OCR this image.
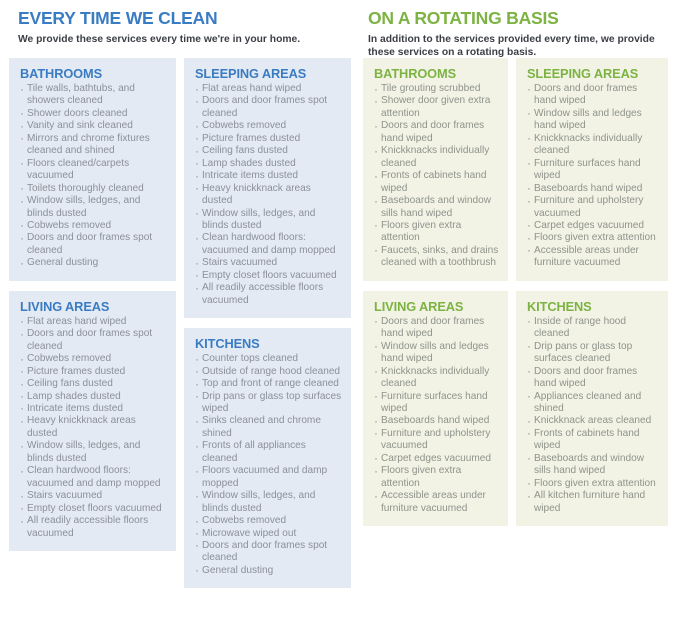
EVERY TIME WE CLEAN
We provide these services every time we're in your home.
BATHROOMS
· Tile walls, bathtubs, and showers cleaned
· Shower doors cleaned
· Vanity and sink cleaned
· Mirrors and chrome fixtures cleaned and shined
· Floors cleaned/carpets vacuumed
· Toilets thoroughly cleaned
· Window sills, ledges, and blinds dusted
· Cobwebs removed
· Doors and door frames spot cleaned
· General dusting
LIVING AREAS
· Flat areas hand wiped
· Doors and door frames spot cleaned
· Cobwebs removed
· Picture frames dusted
· Ceiling fans dusted
· Lamp shades dusted
· Intricate items dusted
· Heavy knickknack areas dusted
· Window sills, ledges, and blinds dusted
· Clean hardwood floors: vacuumed and damp mopped
· Stairs vacuumed
· Empty closet floors vacuumed
· All readily accessible floors vacuumed
SLEEPING AREAS
· Flat areas hand wiped
· Doors and door frames spot cleaned
· Cobwebs removed
· Picture frames dusted
· Ceiling fans dusted
· Lamp shades dusted
· Intricate items dusted
· Heavy knickknack areas dusted
· Window sills, ledges, and blinds dusted
· Clean hardwood floors: vacuumed and damp mopped
· Stairs vacuumed
· Empty closet floors vacuumed
· All readily accessible floors vacuumed
KITCHENS
· Counter tops cleaned
· Outside of range hood cleaned
· Top and front of range cleaned
· Drip pans or glass top surfaces wiped
· Sinks cleaned and chrome shined
· Fronts of all appliances cleaned
· Floors vacuumed and damp mopped
· Window sills, ledges, and blinds dusted
· Cobwebs removed
· Microwave wiped out
· Doors and door frames spot cleaned
· General dusting
ON A ROTATING BASIS
In addition to the services provided every time, we provide these services on a rotating basis.
BATHROOMS
· Tile grouting scrubbed
· Shower door given extra attention
· Doors and door frames hand wiped
· Knickknacks individually cleaned
· Fronts of cabinets hand wiped
· Baseboards and window sills hand wiped
· Floors given extra attention
· Faucets, sinks, and drains cleaned with a toothbrush
LIVING AREAS
· Doors and door frames hand wiped
· Window sills and ledges hand wiped
· Knickknacks individually cleaned
· Furniture surfaces hand wiped
· Baseboards hand wiped
· Furniture and upholstery vacuumed
· Carpet edges vacuumed
· Floors given extra attention
· Accessible areas under furniture vacuumed
SLEEPING AREAS
· Doors and door frames hand wiped
· Window sills and ledges hand wiped
· Knickknacks individually cleaned
· Furniture surfaces hand wiped
· Baseboards hand wiped
· Furniture and upholstery vacuumed
· Carpet edges vacuumed
· Floors given extra attention
· Accessible areas under furniture vacuumed
KITCHENS
· Inside of range hood cleaned
· Drip pans or glass top surfaces cleaned
· Doors and door frames hand wiped
· Appliances cleaned and shined
· Knickknack areas cleaned
· Fronts of cabinets hand wiped
· Baseboards and window sills hand wiped
· Floors given extra attention
· All kitchen furniture hand wiped
